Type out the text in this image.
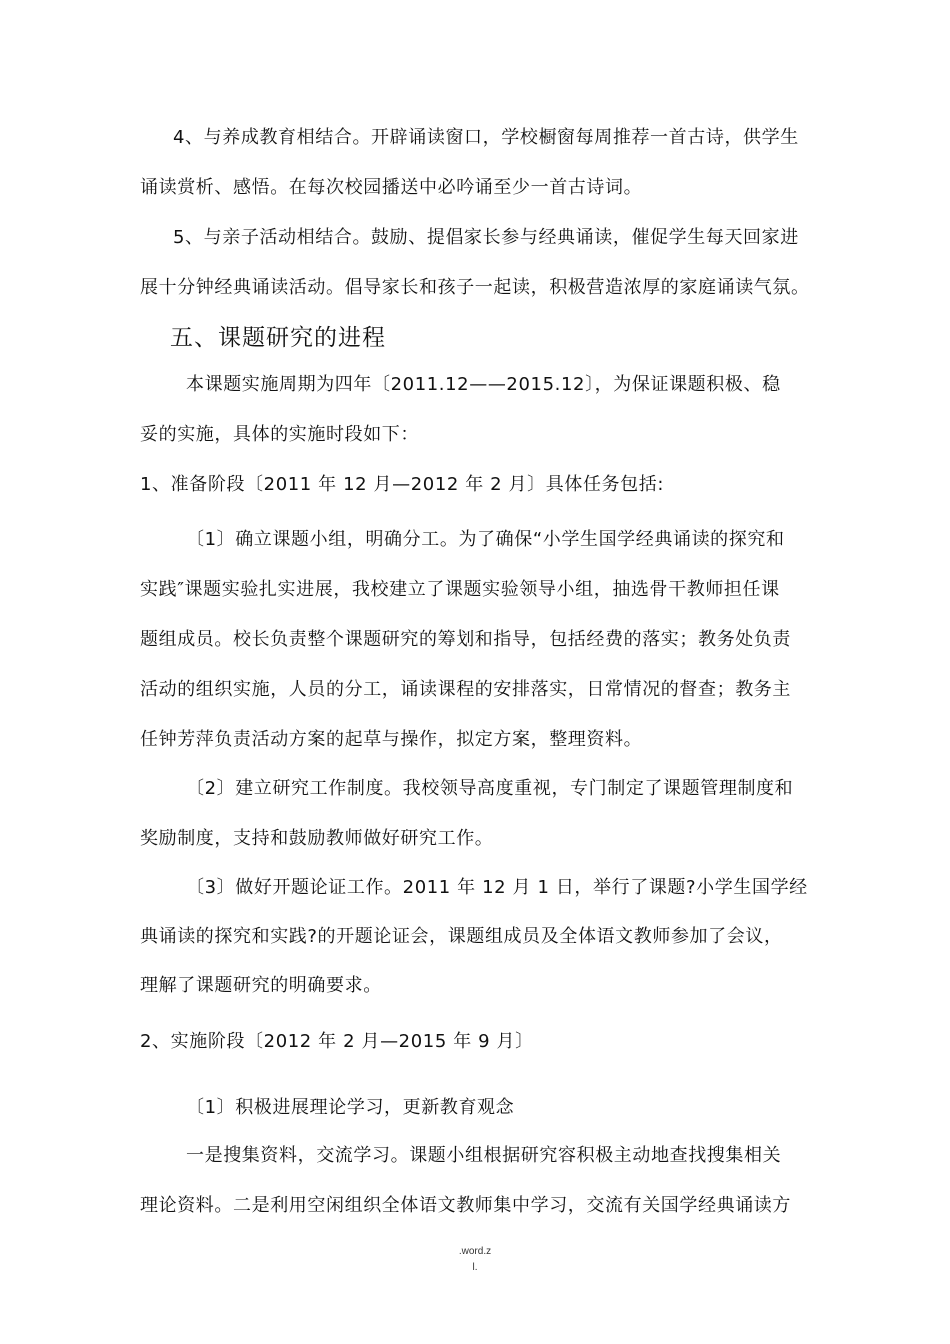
4、与养成教育相结合。开辟诵读窗口，学校橱窗每周推荐一首古诗，供学生
诵读赏析、感悟。在每次校园播送中必吟诵至少一首古诗词。
5、与亲子活动相结合。鼓励、提倡家长参与经典诵读，催促学生每天回家进
展十分钟经典诵读活动。倡导家长和孩子一起读，积极营造浓厚的家庭诵读气氛。
五、课题研究的进程
本课题实施周期为四年〔2011.12——2015.12〕，为保证课题积极、稳
妥的实施，具体的实施时段如下：
1、准备阶段〔2011 年 12 月—2012 年 2 月〕具体任务包括:
〔1〕确立课题小组，明确分工。为了确保“小学生国学经典诵读的探究和
实践″课题实验扎实进展，我校建立了课题实验领导小组，抽选骨干教师担任课
题组成员。校长负责整个课题研究的筹划和指导，包括经费的落实；教务处负责
活动的组织实施，人员的分工，诵读课程的安排落实，日常情况的督查；教务主
任钟芳萍负责活动方案的起草与操作，拟定方案，整理资料。
〔2〕建立研究工作制度。我校领导高度重视，专门制定了课题管理制度和
奖励制度，支持和鼓励教师做好研究工作。
〔3〕做好开题论证工作。2011 年 12 月 1 日，举行了课题?小学生国学经
典诵读的探究和实践?的开题论证会，课题组成员及全体语文教师参加了会议，
理解了课题研究的明确要求。
2、实施阶段〔2012 年 2 月—2015 年 9 月〕
〔1〕积极进展理论学习，更新教育观念
一是搜集资料，交流学习。课题小组根据研究容积极主动地查找搜集相关
理论资料。二是利用空闲组织全体语文教师集中学习，交流有关国学经典诵读方
.word.z
l.
